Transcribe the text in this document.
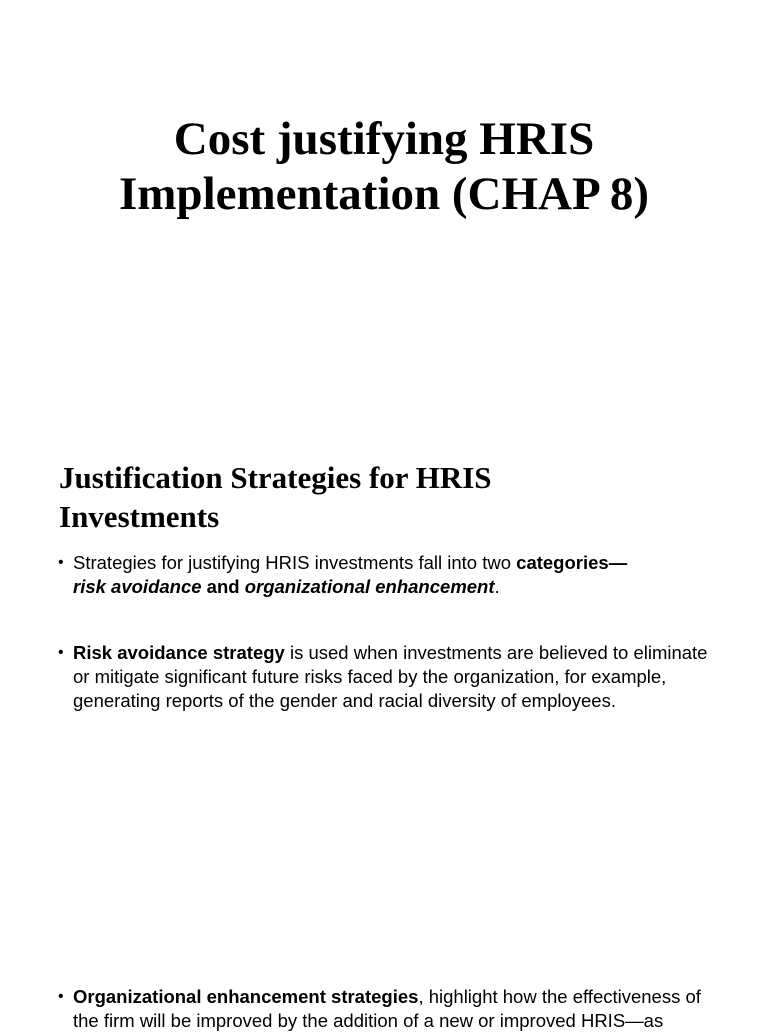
Cost justifying HRIS
Implementation (CHAP 8)
Justification Strategies for HRIS
Investments
• Strategies for justifying HRIS investments fall into two categories—
risk avoidance and organizational enhancement.
• Risk avoidance strategy is used when investments are believed to eliminate or mitigate significant future risks faced by the organization, for example, generating reports of the gender and racial diversity of employees.
• Organizational enhancement strategies, highlight how the effectiveness of the firm will be improved by the addition of a new or improved HRIS—as
